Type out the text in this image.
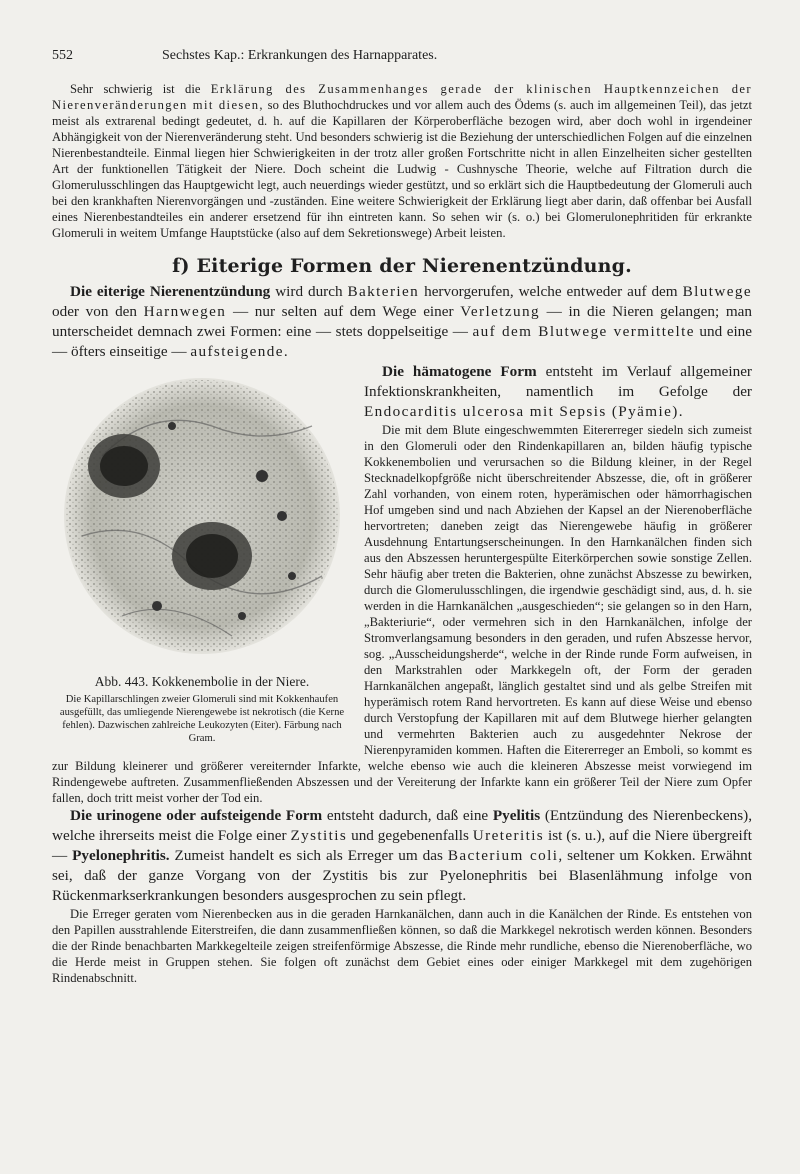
552	Sechstes Kap.: Erkrankungen des Harnapparates.

Sehr schwierig ist die Erklärung des Zusammenhanges gerade der klinischen Hauptkennzeichen der Nierenveränderungen mit diesen, so des Bluthochdruckes und vor allem auch des Ödems (s. auch im allgemeinen Teil), das jetzt meist als extrarenal bedingt gedeutet, d. h. auf die Kapillaren der Körperoberfläche bezogen wird, aber doch wohl in irgendeiner Abhängigkeit von der Nierenveränderung steht. Und besonders schwierig ist die Beziehung der unterschiedlichen Folgen auf die einzelnen Nierenbestandteile. Einmal liegen hier Schwierigkeiten in der trotz aller großen Fortschritte nicht in allen Einzelheiten sicher gestellten Art der funktionellen Tätigkeit der Niere. Doch scheint die Ludwig - Cushnysche Theorie, welche auf Filtration durch die Glomerulusschlingen das Hauptgewicht legt, auch neuerdings wieder gestützt, und so erklärt sich die Hauptbedeutung der Glomeruli auch bei den krankhaften Nierenvorgängen und -zuständen. Eine weitere Schwierigkeit der Erklärung liegt aber darin, daß offenbar bei Ausfall eines Nierenbestandteiles ein anderer ersetzend für ihn eintreten kann. So sehen wir (s. o.) bei Glomerulonephritiden für erkrankte Glomeruli in weitem Umfange Hauptstücke (also auf dem Sekretionswege) Arbeit leisten.

f) Eiterige Formen der Nierenentzündung.

Die eiterige Nierenentzündung wird durch Bakterien hervorgerufen, welche entweder auf dem Blutwege oder von den Harnwegen — nur selten auf dem Wege einer Verletzung — in die Nieren gelangen; man unterscheidet demnach zwei Formen: eine — stets doppelseitige — auf dem Blutwege vermittelte und eine — öfters einseitige — aufsteigende.

Abb. 443. Kokkenembolie in der Niere.
Die Kapillarschlingen zweier Glomeruli sind mit Kokkenhaufen ausgefüllt, das umliegende Nierengewebe ist nekrotisch (die Kerne fehlen). Dazwischen zahlreiche Leukozyten (Eiter). Färbung nach Gram.

Die hämatogene Form entsteht im Verlauf allgemeiner Infektionskrankheiten, namentlich im Gefolge der Endocarditis ulcerosa mit Sepsis (Pyämie).

Die mit dem Blute eingeschwemmten Eitererreger siedeln sich zumeist in den Glomeruli oder den Rindenkapillaren an, bilden häufig typische Kokkenembolien und verursachen so die Bildung kleiner, in der Regel Stecknadelkopfgröße nicht überschreitender Abszesse, die, oft in größerer Zahl vorhanden, von einem roten, hyperämischen oder hämorrhagischen Hof umgeben sind und nach Abziehen der Kapsel an der Nierenoberfläche hervortreten; daneben zeigt das Nierengewebe häufig in größerer Ausdehnung Entartungserscheinungen. In den Harnkanälchen finden sich aus den Abszessen heruntergespülte Eiterkörperchen sowie sonstige Zellen. Sehr häufig aber treten die Bakterien, ohne zunächst Abszesse zu bewirken, durch die Glomerulusschlingen, die irgendwie geschädigt sind, aus, d. h. sie werden in die Harnkanälchen „ausgeschieden“; sie gelangen so in den Harn, „Bakteriurie“, oder vermehren sich in den Harnkanälchen, infolge der Stromverlangsamung besonders in den geraden, und rufen Abszesse hervor, sog. „Ausscheidungsherde“, welche in der Rinde runde Form aufweisen, in den Markstrahlen oder Markkegeln oft, der Form der geraden Harnkanälchen angepaßt, länglich gestaltet sind und als gelbe Streifen mit hyperämisch rotem Rand hervortreten. Es kann auf diese Weise und ebenso durch Verstopfung der Kapillaren mit auf dem Blutwege hierher gelangten und vermehrten Bakterien auch zu ausgedehnter Nekrose der Nierenpyramiden kommen. Haften die Eitererreger an Emboli, so kommt es zur Bildung kleinerer und größerer vereiternder Infarkte, welche ebenso wie auch die kleineren Abszesse meist vorwiegend im Rindengewebe auftreten. Zusammenfließenden Abszessen und der Vereiterung der Infarkte kann ein größerer Teil der Niere zum Opfer fallen, doch tritt meist vorher der Tod ein.

Die urinogene oder aufsteigende Form entsteht dadurch, daß eine Pyelitis (Entzündung des Nierenbeckens), welche ihrerseits meist die Folge einer Zystitis und gegebenenfalls Ureteritis ist (s. u.), auf die Niere übergreift — Pyelonephritis. Zumeist handelt es sich als Erreger um das Bacterium coli, seltener um Kokken. Erwähnt sei, daß der ganze Vorgang von der Zystitis bis zur Pyelonephritis bei Blasenlähmung infolge von Rückenmarkserkrankungen besonders ausgesprochen zu sein pflegt.

Die Erreger geraten vom Nierenbecken aus in die geraden Harnkanälchen, dann auch in die Kanälchen der Rinde. Es entstehen von den Papillen ausstrahlende Eiterstreifen, die dann zusammenfließen können, so daß die Markkegel nekrotisch werden können. Besonders die der Rinde benachbarten Markkegelteile zeigen streifenförmige Abszesse, die Rinde mehr rundliche, ebenso die Nierenoberfläche, wo die Herde meist in Gruppen stehen. Sie folgen oft zunächst dem Gebiet eines oder einiger Markkegel mit dem zugehörigen Rindenabschnitt.
